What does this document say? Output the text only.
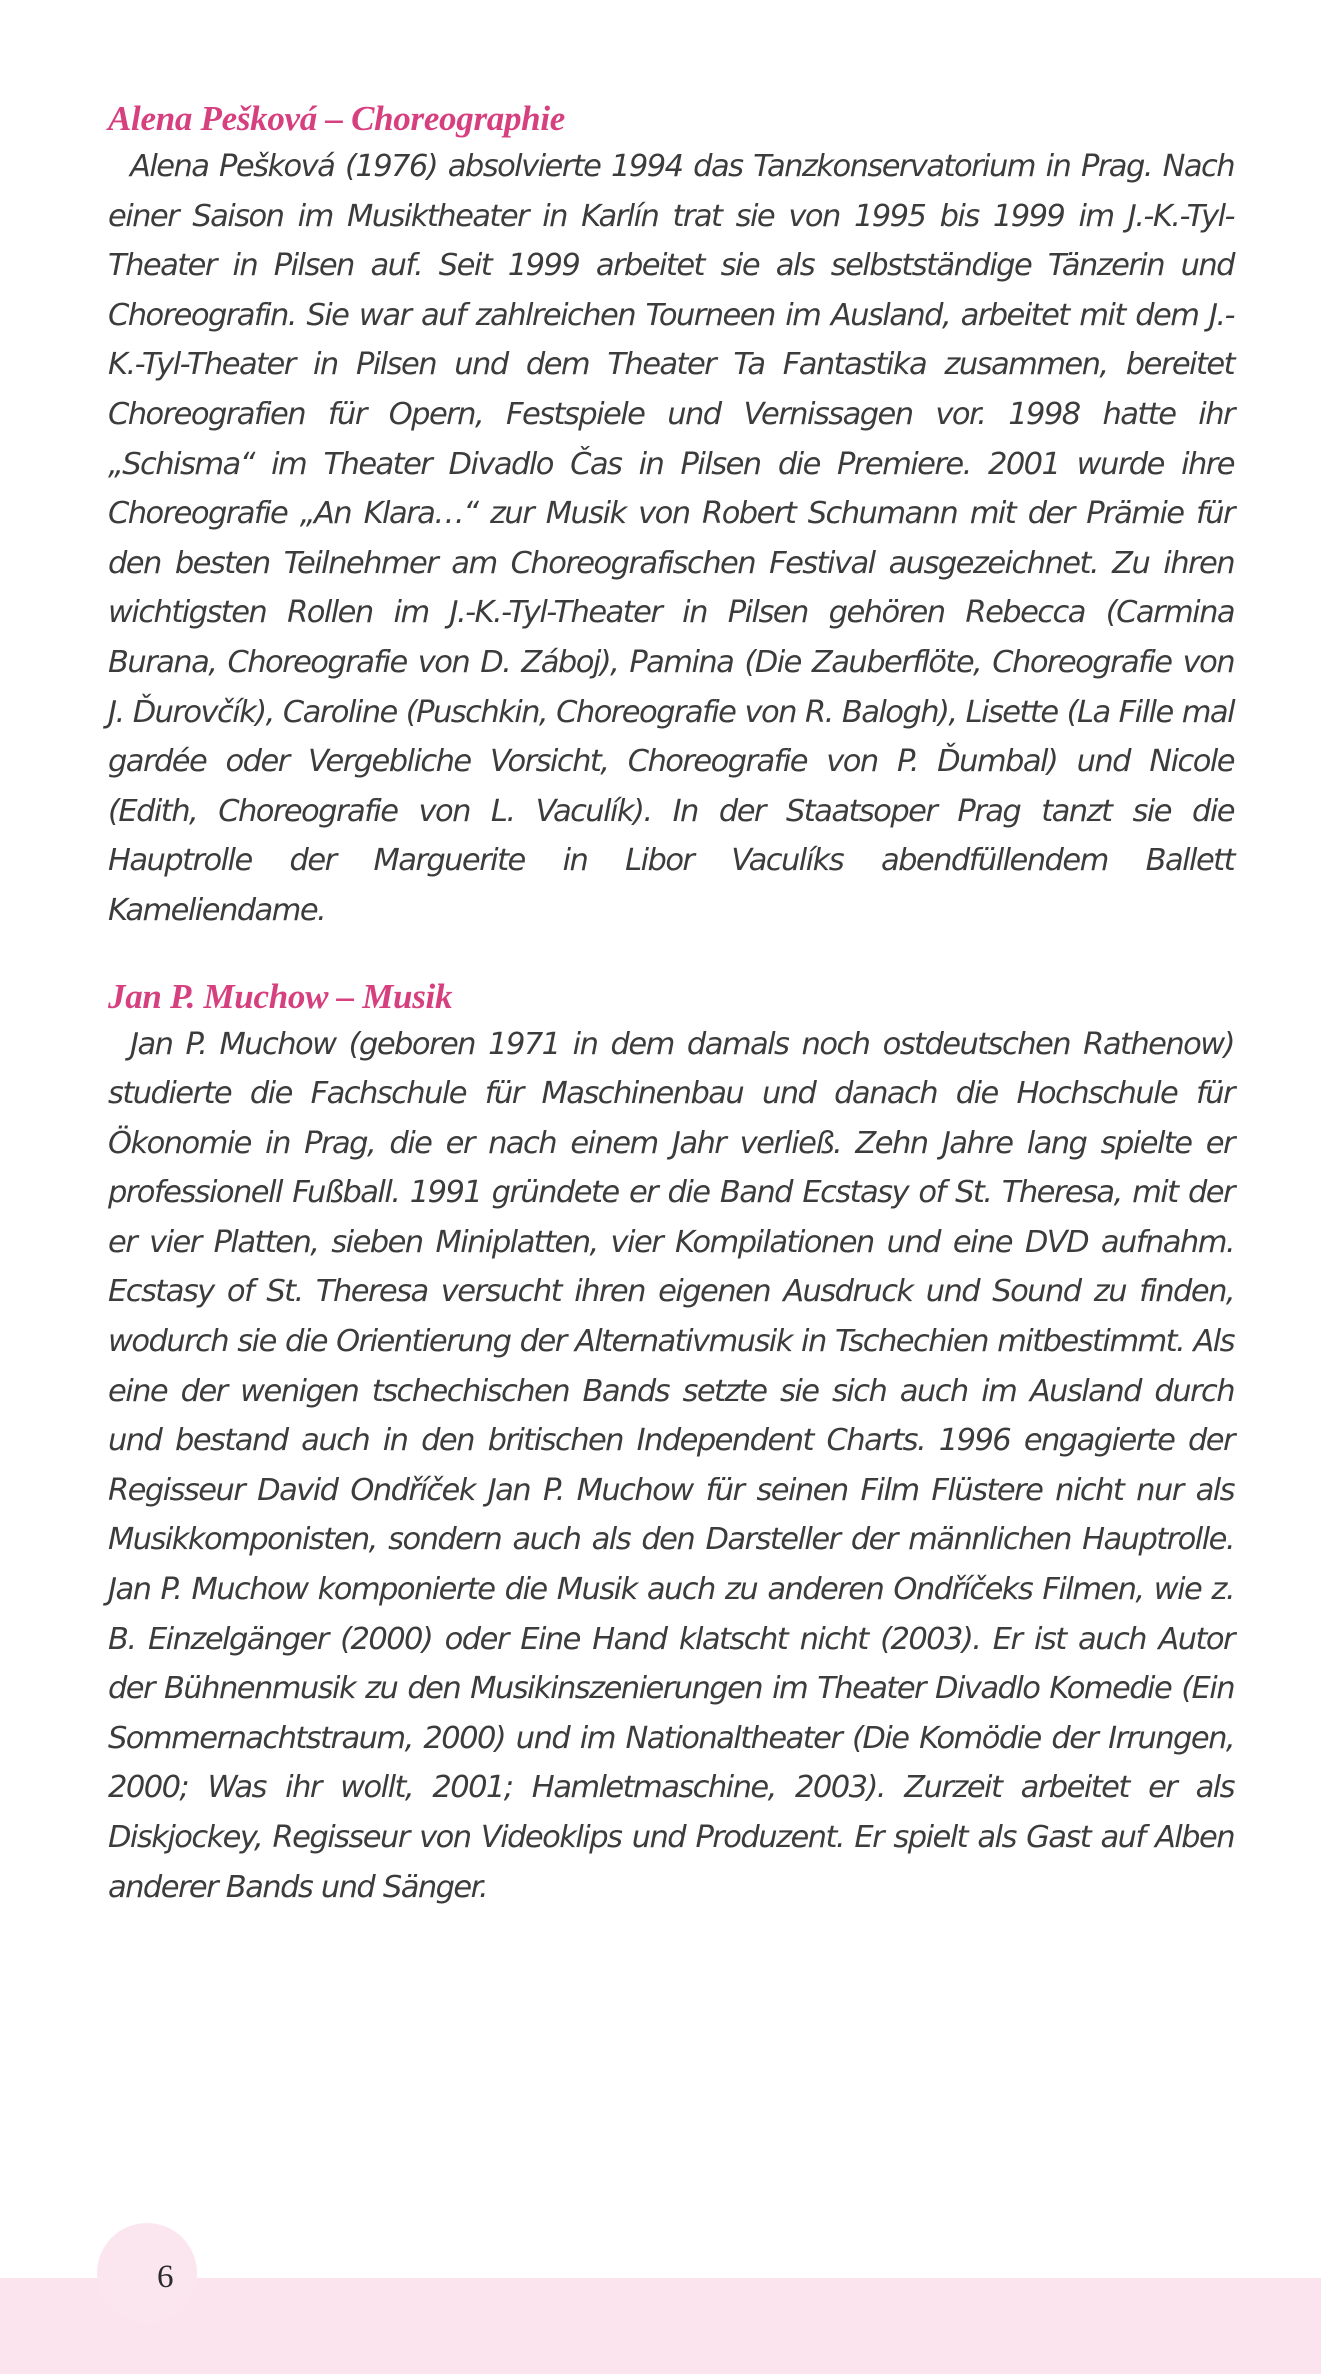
Alena Pešková – Choreographie

Alena Pešková (1976) absolvierte 1994 das Tanzkonservatorium in Prag. Nach einer Saison im Musiktheater in Karlín trat sie von 1995 bis 1999 im J.-K.-Tyl-Theater in Pilsen auf. Seit 1999 arbeitet sie als selbstständige Tänzerin und Choreografin. Sie war auf zahlreichen Tourneen im Ausland, arbeitet mit dem J.-K.-Tyl-Theater in Pilsen und dem Theater Ta Fantastika zusammen, bereitet Choreografien für Opern, Festspiele und Vernissagen vor. 1998 hatte ihr „Schisma“ im Theater Divadlo Čas in Pilsen die Premiere. 2001 wurde ihre Choreografie „An Klara…“ zur Musik von Robert Schumann mit der Prämie für den besten Teilnehmer am Choreografischen Festival ausgezeichnet. Zu ihren wichtigsten Rollen im J.-K.-Tyl-Theater in Pilsen gehören Rebecca (Carmina Burana, Choreografie von D. Záboj), Pamina (Die Zauberflöte, Choreografie von J. Ďurovčík), Caroline (Puschkin, Choreografie von R. Balogh), Lisette (La Fille mal gardée oder Vergebliche Vorsicht, Choreografie von P. Ďumbal) und Nicole (Edith, Choreografie von L. Vaculík). In der Staatsoper Prag tanzt sie die Hauptrolle der Marguerite in Libor Vaculíks abendfüllendem Ballett Kameliendame.

Jan P. Muchow – Musik

Jan P. Muchow (geboren 1971 in dem damals noch ostdeutschen Rathenow) studierte die Fachschule für Maschinenbau und danach die Hochschule für Ökonomie in Prag, die er nach einem Jahr verließ. Zehn Jahre lang spielte er professionell Fußball. 1991 gründete er die Band Ecstasy of St. Theresa, mit der er vier Platten, sieben Miniplatten, vier Kompilationen und eine DVD aufnahm. Ecstasy of St. Theresa versucht ihren eigenen Ausdruck und Sound zu finden, wodurch sie die Orientierung der Alternativmusik in Tschechien mitbestimmt. Als eine der wenigen tschechischen Bands setzte sie sich auch im Ausland durch und bestand auch in den britischen Independent Charts. 1996 engagierte der Regisseur David Ondříček Jan P. Muchow für seinen Film Flüstere nicht nur als Musikkomponisten, sondern auch als den Darsteller der männlichen Hauptrolle. Jan P. Muchow komponierte die Musik auch zu anderen Ondříčeks Filmen, wie z. B. Einzelgänger (2000) oder Eine Hand klatscht nicht (2003). Er ist auch Autor der Bühnenmusik zu den Musikinszenierungen im Theater Divadlo Komedie (Ein Sommernachtstraum, 2000) und im Nationaltheater (Die Komödie der Irrungen, 2000; Was ihr wollt, 2001; Hamletmaschine, 2003). Zurzeit arbeitet er als Diskjockey, Regisseur von Videoklips und Produzent. Er spielt als Gast auf Alben anderer Bands und Sänger.

6
